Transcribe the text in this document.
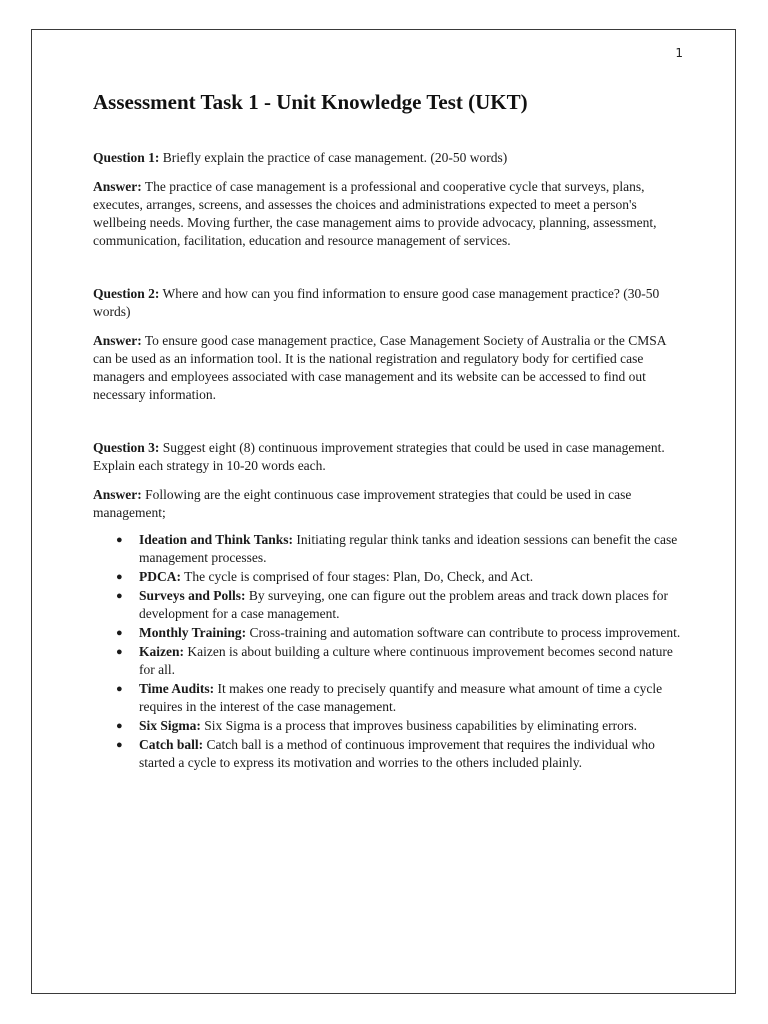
1
Assessment Task 1 - Unit Knowledge Test (UKT)

Question 1: Briefly explain the practice of case management. (20-50 words)

Answer: The practice of case management is a professional and cooperative cycle that surveys, plans, executes, arranges, screens, and assesses the choices and administrations expected to meet a person's wellbeing needs. Moving further, the case management aims to provide advocacy, planning, assessment, communication, facilitation, education and resource management of services.

Question 2: Where and how can you find information to ensure good case management practice? (30-50 words)

Answer: To ensure good case management practice, Case Management Society of Australia or the CMSA can be used as an information tool. It is the national registration and regulatory body for certified case managers and employees associated with case management and its website can be accessed to find out necessary information.

Question 3: Suggest eight (8) continuous improvement strategies that could be used in case management. Explain each strategy in 10-20 words each.

Answer: Following are the eight continuous case improvement strategies that could be used in case management;

● Ideation and Think Tanks: Initiating regular think tanks and ideation sessions can benefit the case management processes.
● PDCA: The cycle is comprised of four stages: Plan, Do, Check, and Act.
● Surveys and Polls: By surveying, one can figure out the problem areas and track down places for development for a case management.
● Monthly Training: Cross-training and automation software can contribute to process improvement.
● Kaizen: Kaizen is about building a culture where continuous improvement becomes second nature for all.
● Time Audits: It makes one ready to precisely quantify and measure what amount of time a cycle requires in the interest of the case management.
● Six Sigma: Six Sigma is a process that improves business capabilities by eliminating errors.
● Catch ball: Catch ball is a method of continuous improvement that requires the individual who started a cycle to express its motivation and worries to the others included plainly.
